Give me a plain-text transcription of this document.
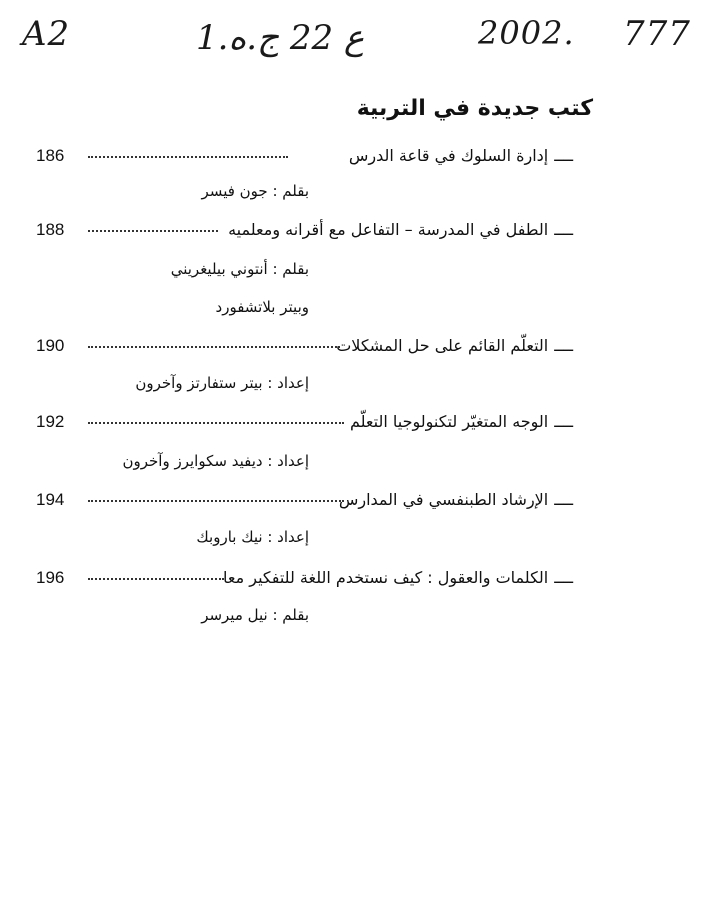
A2	1.ع 22 ج.ه	2002. 777
كتب جديدة في التربية
ــــإدارة السلوك في قاعة الدرس
186
بقلم : جون فيسر
ــــالطفل في المدرسة – التفاعل مع أقرانه ومعلميه
188
بقلم : أنتوني بيليغريني
وبيتر بلاتشفورد
ــــالتعلّم القائم على حل المشكلات
190
إعداد : بيتر ستفارتز وآخرون
ــــالوجه المتغيّر لتكنولوجيا التعلّم
192
إعداد : ديفيد سكوايرز وآخرون
ــــالإرشاد الطبنفسي في المدارس
194
إعداد : نيك باروبك
ــــالكلمات والعقول : كيف نستخدم اللغة للتفكير معا
196
بقلم : نيل ميرسر
